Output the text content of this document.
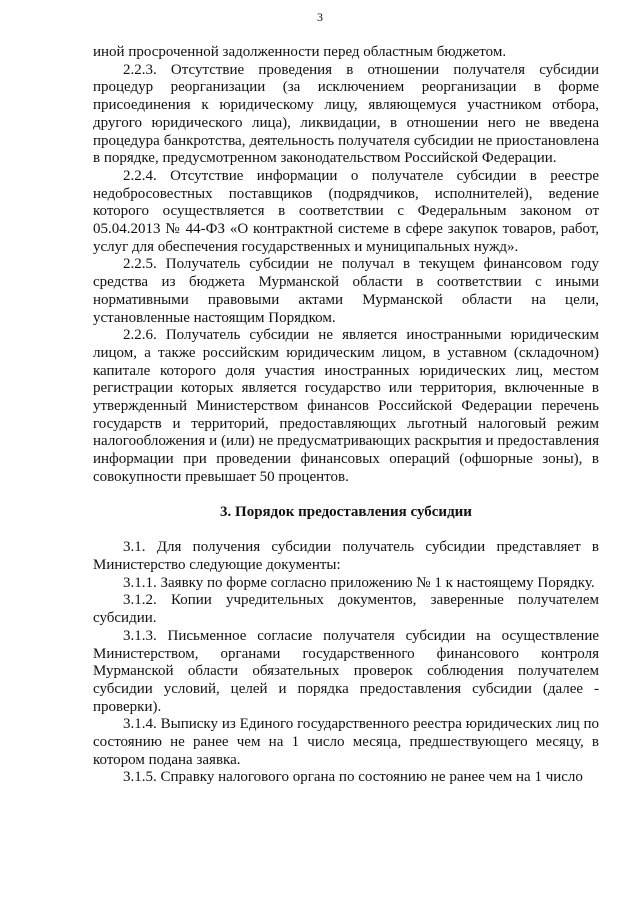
3

иной просроченной задолженности перед областным бюджетом.

2.2.3. Отсутствие проведения в отношении получателя субсидии процедур реорганизации (за исключением реорганизации в форме присоединения к юридическому лицу, являющемуся участником отбора, другого юридического лица), ликвидации, в отношении него не введена процедура банкротства, деятельность получателя субсидии не приостановлена в порядке, предусмотренном законодательством Российской Федерации.

2.2.4. Отсутствие информации о получателе субсидии в реестре недобросовестных поставщиков (подрядчиков, исполнителей), ведение которого осуществляется в соответствии с Федеральным законом от 05.04.2013 № 44-ФЗ «О контрактной системе в сфере закупок товаров, работ, услуг для обеспечения государственных и муниципальных нужд».

2.2.5. Получатель субсидии не получал в текущем финансовом году средства из бюджета Мурманской области в соответствии с иными нормативными правовыми актами Мурманской области на цели, установленные настоящим Порядком.

2.2.6. Получатель субсидии не является иностранными юридическим лицом, а также российским юридическим лицом, в уставном (складочном) капитале которого доля участия иностранных юридических лиц, местом регистрации которых является государство или территория, включенные в утвержденный Министерством финансов Российской Федерации перечень государств и территорий, предоставляющих льготный налоговый режим налогообложения и (или) не предусматривающих раскрытия и предоставления информации при проведении финансовых операций (офшорные зоны), в совокупности превышает 50 процентов.

3. Порядок предоставления субсидии

3.1. Для получения субсидии получатель субсидии представляет в Министерство следующие документы:

3.1.1. Заявку по форме согласно приложению № 1 к настоящему Порядку.

3.1.2. Копии учредительных документов, заверенные получателем субсидии.

3.1.3. Письменное согласие получателя субсидии на осуществление Министерством, органами государственного финансового контроля Мурманской области обязательных проверок соблюдения получателем субсидии условий, целей и порядка предоставления субсидии (далее - проверки).

3.1.4. Выписку из Единого государственного реестра юридических лиц по состоянию не ранее чем на 1 число месяца, предшествующего месяцу, в котором подана заявка.

3.1.5. Справку налогового органа по состоянию не ранее чем на 1 число
